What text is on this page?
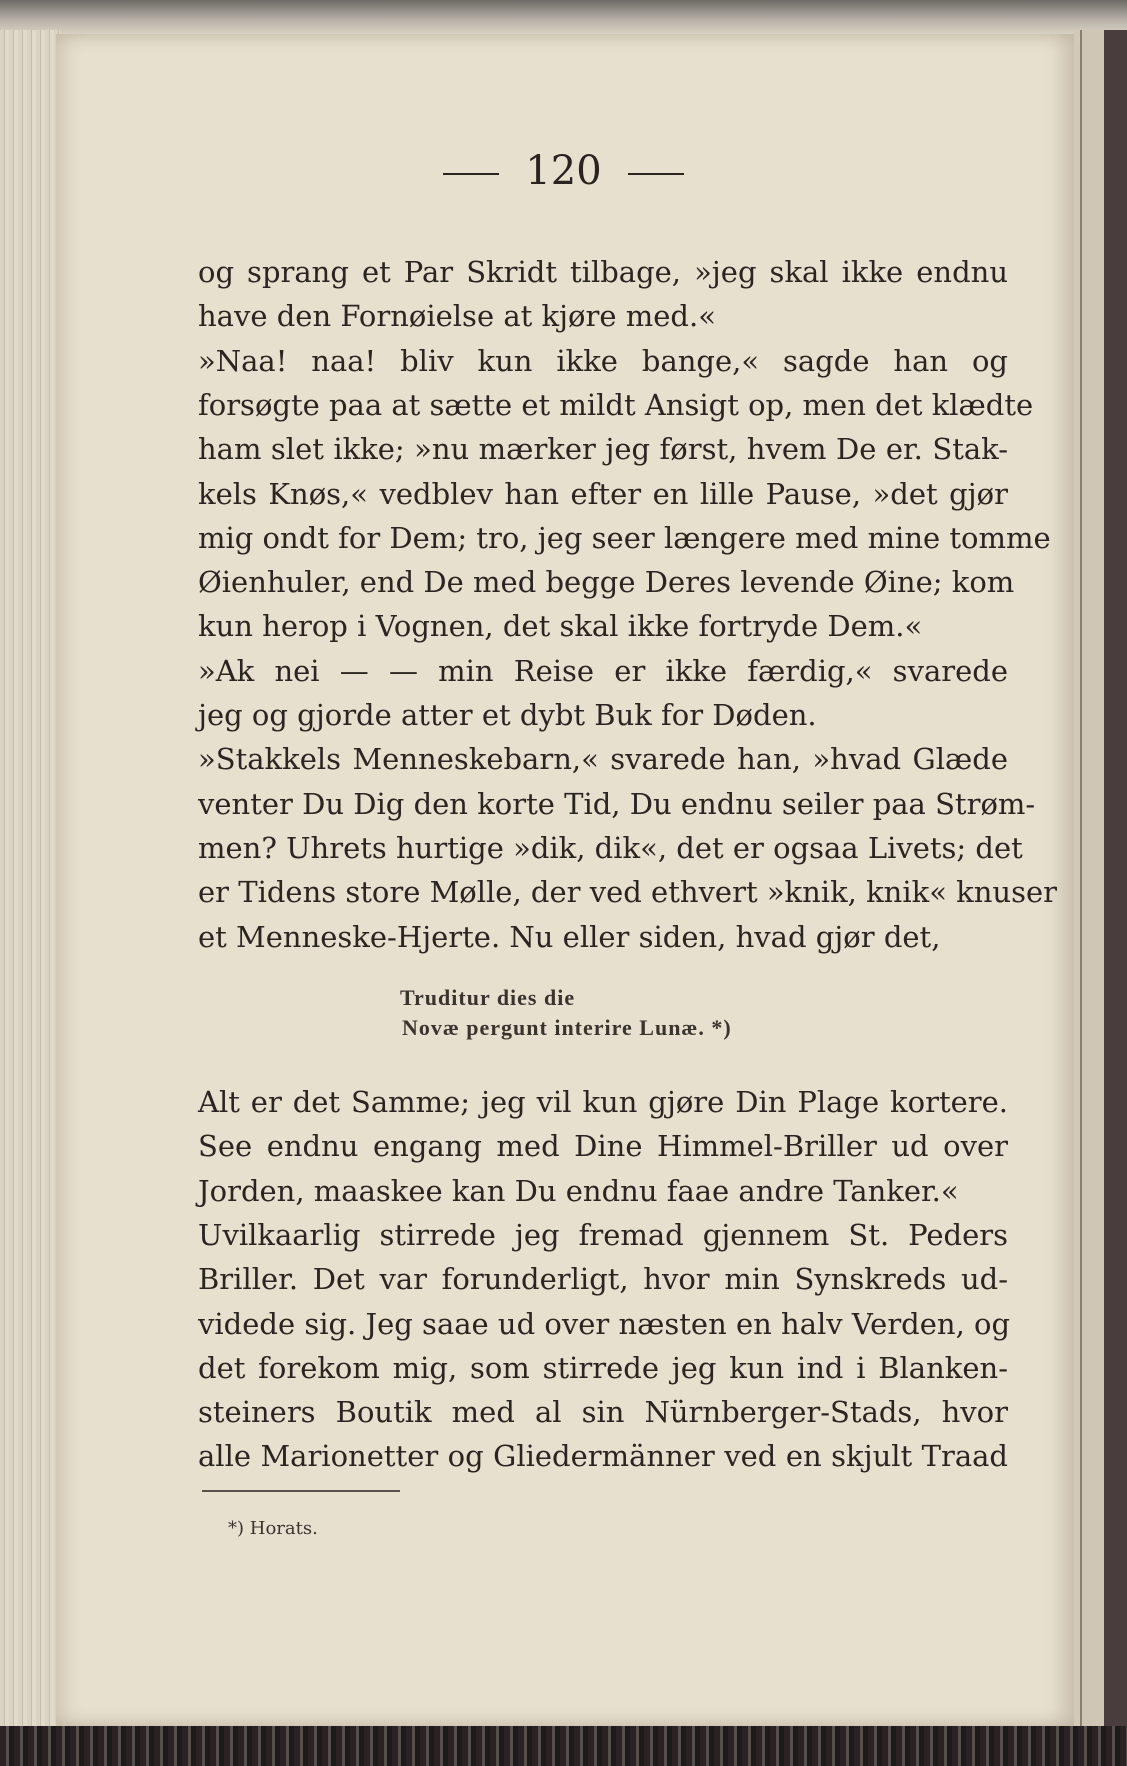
120
og sprang et Par Skridt tilbage, »jeg skal ikke endnu
have den Fornøielse at kjøre med.«
»Naa! naa! bliv kun ikke bange,« sagde han og
forsøgte paa at sætte et mildt Ansigt op, men det klædte
ham slet ikke; »nu mærker jeg først, hvem De er. Stak-
kels Knøs,« vedblev han efter en lille Pause, »det gjør
mig ondt for Dem; tro, jeg seer længere med mine tomme
Øienhuler, end De med begge Deres levende Øine; kom
kun herop i Vognen, det skal ikke fortryde Dem.«
»Ak nei — — min Reise er ikke færdig,« svarede
jeg og gjorde atter et dybt Buk for Døden.
»Stakkels Menneskebarn,« svarede han, »hvad Glæde
venter Du Dig den korte Tid, Du endnu seiler paa Strøm-
men? Uhrets hurtige »dik, dik«, det er ogsaa Livets; det
er Tidens store Mølle, der ved ethvert »knik, knik« knuser
et Menneske-Hjerte. Nu eller siden, hvad gjør det,
Alt er det Samme; jeg vil kun gjøre Din Plage kortere.
See endnu engang med Dine Himmel-Briller ud over
Jorden, maaskee kan Du endnu faae andre Tanker.«
Uvilkaarlig stirrede jeg fremad gjennem St. Peders
Briller. Det var forunderligt, hvor min Synskreds ud-
videde sig. Jeg saae ud over næsten en halv Verden, og
det forekom mig, som stirrede jeg kun ind i Blanken-
steiners Boutik med al sin Nürnberger-Stads, hvor
alle Marionetter og Gliedermänner ved en skjult Traad
Truditur dies die
Novæ pergunt interire Lunæ. *)
*) Horats.
